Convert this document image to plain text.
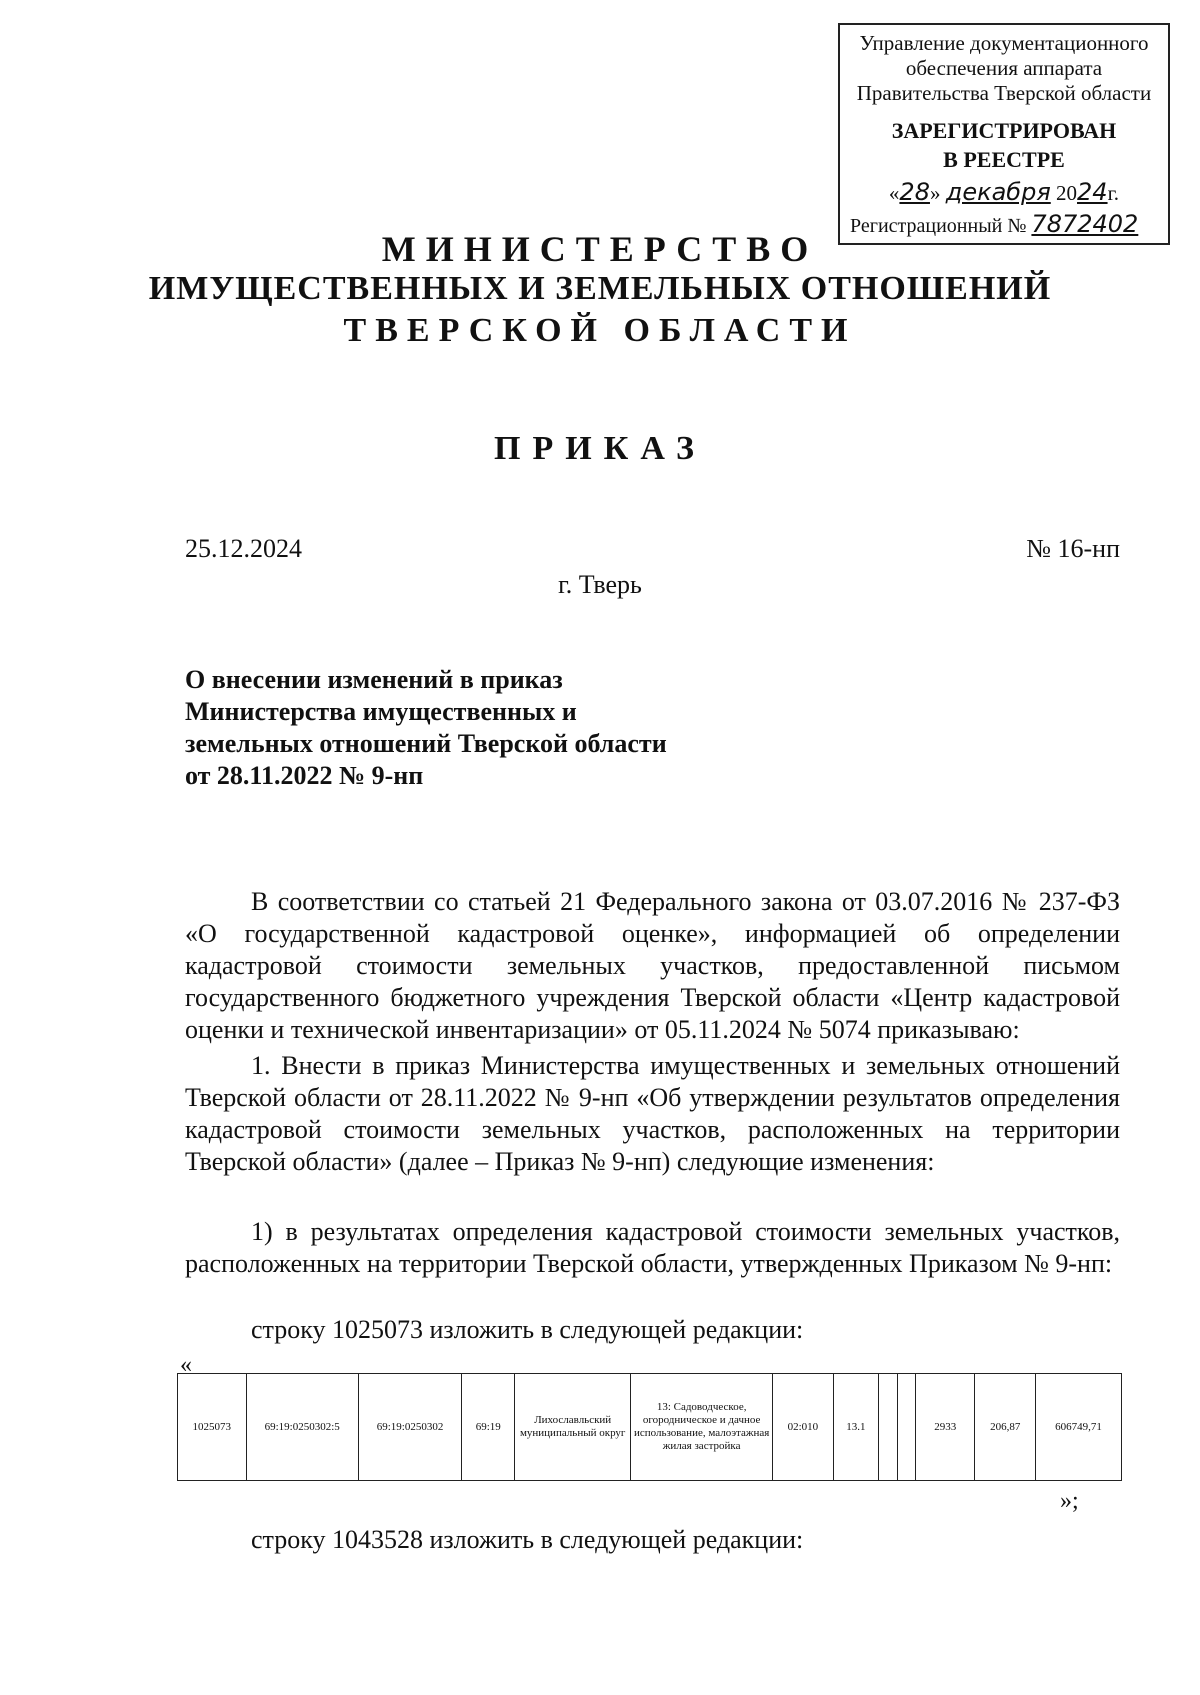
Управление документационного
обеспечения аппарата
Правительства Тверской области
ЗАРЕГИСТРИРОВАН
В РЕЕСТРЕ
«28» декабря 2024г.
Регистрационный № 7872402
МИНИСТЕРСТВО
ИМУЩЕСТВЕННЫХ И ЗЕМЕЛЬНЫХ ОТНОШЕНИЙ
ТВЕРСКОЙ ОБЛАСТИ
ПРИКАЗ
25.12.2024	№ 16-нп
г. Тверь
О внесении изменений в приказ Министерства имущественных и земельных отношений Тверской области от 28.11.2022 № 9-нп
В соответствии со статьей 21 Федерального закона от 03.07.2016 № 237-ФЗ «О государственной кадастровой оценке», информацией об определении кадастровой стоимости земельных участков, предоставленной письмом государственного бюджетного учреждения Тверской области «Центр кадастровой оценки и технической инвентаризации» от 05.11.2024 № 5074 приказываю:
1. Внести в приказ Министерства имущественных и земельных отношений Тверской области от 28.11.2022 № 9-нп «Об утверждении результатов определения кадастровой стоимости земельных участков, расположенных на территории Тверской области» (далее – Приказ № 9-нп) следующие изменения:
1) в результатах определения кадастровой стоимости земельных участков, расположенных на территории Тверской области, утвержденных Приказом № 9-нп:
строку 1025073 изложить в следующей редакции:
«
1025073	69:19:0250302:5	69:19:0250302	69:19	Лихославльский муниципальный округ	13: Садоводческое, огородническое и дачное использование, малоэтажная жилая застройка	02:010	13.1			2933	206,87	606749,71
»;
строку 1043528 изложить в следующей редакции:
